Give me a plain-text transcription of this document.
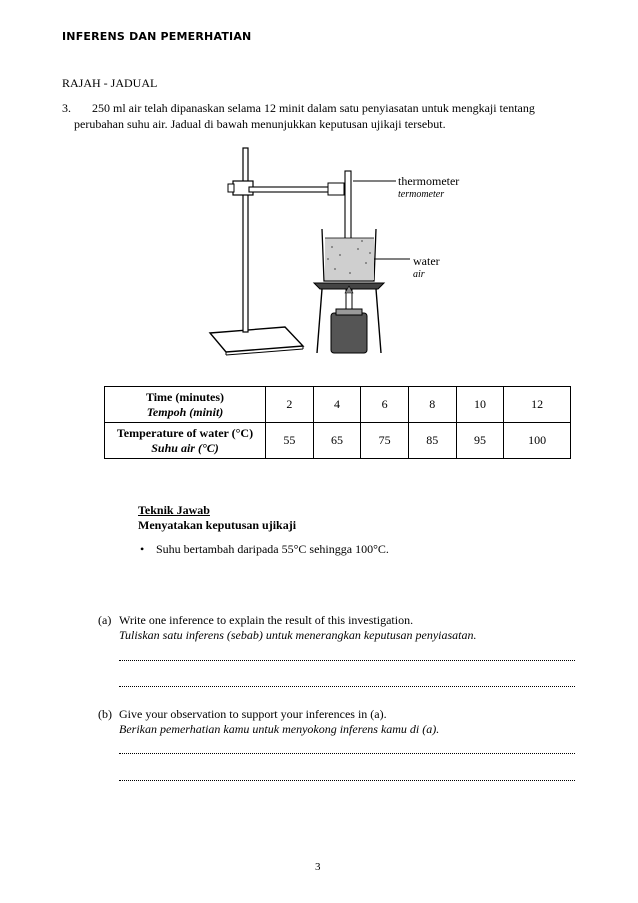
INFERENS DAN PEMERHATIAN
RAJAH - JADUAL
3. 250 ml air telah dipanaskan selama 12 minit dalam satu penyiasatan untuk mengkaji tentang
perubahan suhu air. Jadual di bawah menunjukkan keputusan ujikaji tersebut.
thermometer
termometer
water
air
Time (minutes)
Tempoh (minit)	2	4	6	8	10	12

Temperature of water (°C)
Suhu air (°C)	55	65	75	85	95	100
Teknik Jawab
Menyatakan keputusan ujikaji
• Suhu bertambah daripada 55°C sehingga 100°C.
(a) Write one inference to explain the result of this investigation.
Tuliskan satu inferens (sebab) untuk menerangkan keputusan penyiasatan.
(b) Give your observation to support your inferences in (a).
Berikan pemerhatian kamu untuk menyokong inferens kamu di (a).
3
